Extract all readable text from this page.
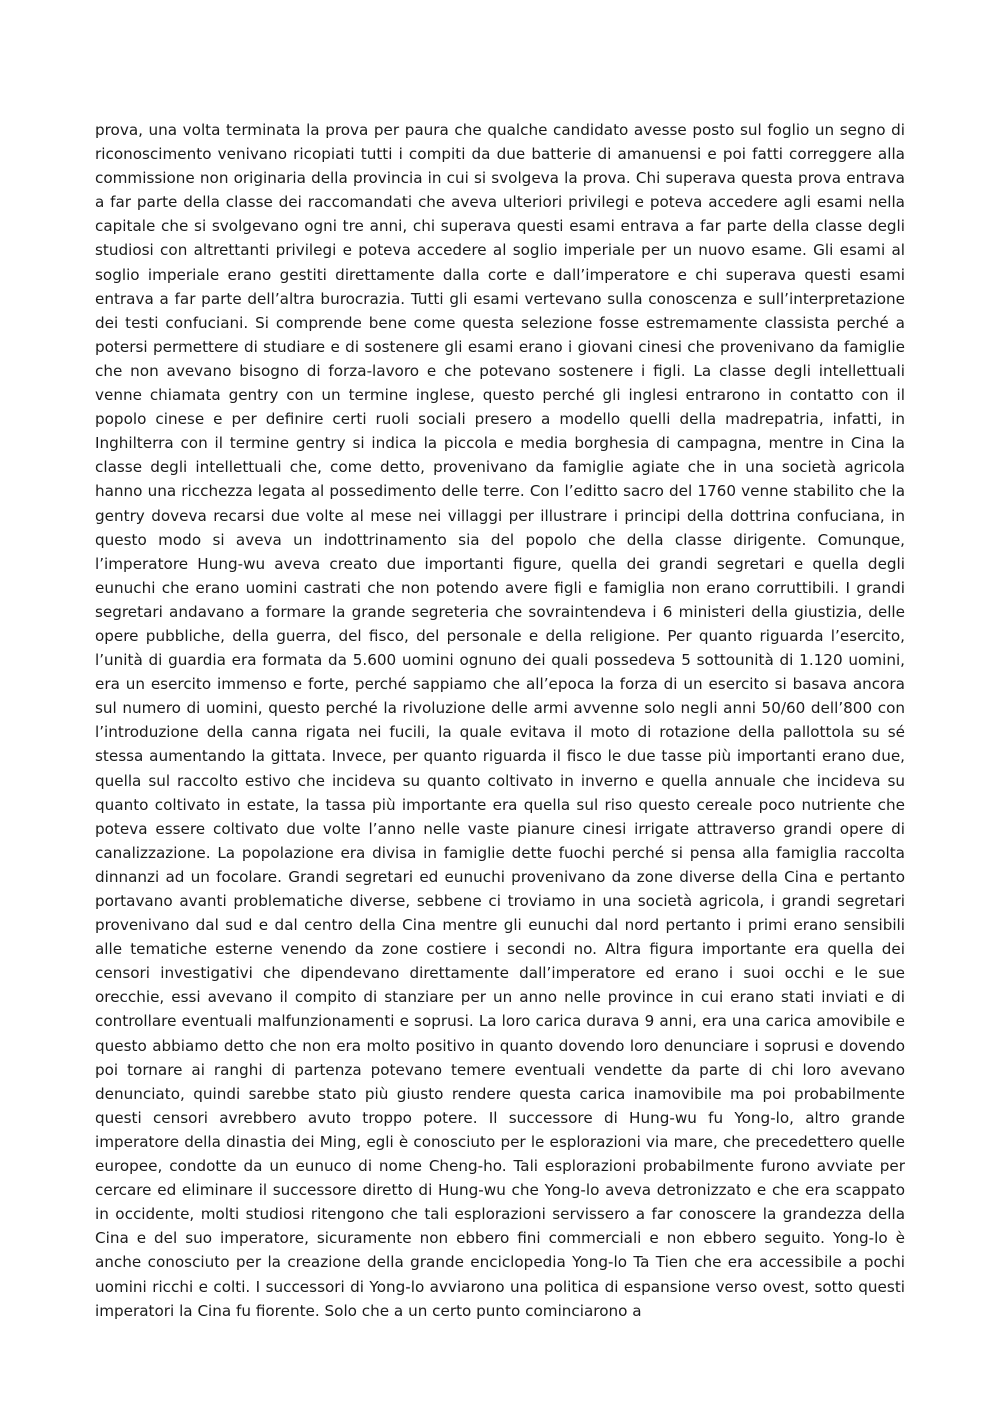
prova, una volta terminata la prova per paura che qualche candidato avesse posto sul foglio un segno di riconoscimento venivano ricopiati tutti i compiti da due batterie di amanuensi e poi fatti correggere alla commissione non originaria della provincia in cui si svolgeva la prova. Chi superava questa prova entrava a far parte della classe dei raccomandati che aveva ulteriori privilegi e poteva accedere agli esami nella capitale che si svolgevano ogni tre anni, chi superava questi esami entrava a far parte della classe degli studiosi con altrettanti privilegi e poteva accedere al soglio imperiale per un nuovo esame. Gli esami al soglio imperiale erano gestiti direttamente dalla corte e dall’imperatore e chi superava questi esami entrava a far parte dell’altra burocrazia. Tutti gli esami vertevano sulla conoscenza e sull’interpretazione dei testi confuciani. Si comprende bene come questa selezione fosse estremamente classista perché a potersi permettere di studiare e di sostenere gli esami erano i giovani cinesi che provenivano da famiglie che non avevano bisogno di forza-lavoro e che potevano sostenere i figli. La classe degli intellettuali venne chiamata gentry con un termine inglese, questo perché gli inglesi entrarono in contatto con il popolo cinese e per definire certi ruoli sociali presero a modello quelli della madrepatria, infatti, in Inghilterra con il termine gentry si indica la piccola e media borghesia di campagna, mentre in Cina la classe degli intellettuali che, come detto, provenivano da famiglie agiate che in una società agricola hanno una ricchezza legata al possedimento delle terre. Con l’editto sacro del 1760 venne stabilito che la gentry doveva recarsi due volte al mese nei villaggi per illustrare i principi della dottrina confuciana, in questo modo si aveva un indottrinamento sia del popolo che della classe dirigente. Comunque, l’imperatore Hung-wu aveva creato due importanti figure, quella dei grandi segretari e quella degli eunuchi che erano uomini castrati che non potendo avere figli e famiglia non erano corruttibili. I grandi segretari andavano a formare la grande segreteria che sovraintendeva i 6 ministeri della giustizia, delle opere pubbliche, della guerra, del fisco, del personale e della religione. Per quanto riguarda l’esercito, l’unità di guardia era formata da 5.600 uomini ognuno dei quali possedeva 5 sottounità di 1.120 uomini, era un esercito immenso e forte, perché sappiamo che all’epoca la forza di un esercito si basava ancora sul numero di uomini, questo perché la rivoluzione delle armi avvenne solo negli anni 50/60 dell’800 con l’introduzione della canna rigata nei fucili, la quale evitava il moto di rotazione della pallottola su sé stessa aumentando la gittata. Invece, per quanto riguarda il fisco le due tasse più importanti erano due, quella sul raccolto estivo che incideva su quanto coltivato in inverno e quella annuale che incideva su quanto coltivato in estate, la tassa più importante era quella sul riso questo cereale poco nutriente che poteva essere coltivato due volte l’anno nelle vaste pianure cinesi irrigate attraverso grandi opere di canalizzazione. La popolazione era divisa in famiglie dette fuochi perché si pensa alla famiglia raccolta dinnanzi ad un focolare. Grandi segretari ed eunuchi provenivano da zone diverse della Cina e pertanto portavano avanti problematiche diverse, sebbene ci troviamo in una società agricola, i grandi segretari provenivano dal sud e dal centro della Cina mentre gli eunuchi dal nord pertanto i primi erano sensibili alle tematiche esterne venendo da zone costiere i secondi no. Altra figura importante era quella dei censori investigativi che dipendevano direttamente dall’imperatore ed erano i suoi occhi e le sue orecchie, essi avevano il compito di stanziare per un anno nelle province in cui erano stati inviati e di controllare eventuali malfunzionamenti e soprusi. La loro carica durava 9 anni, era una carica amovibile e questo abbiamo detto che non era molto positivo in quanto dovendo loro denunciare i soprusi e dovendo poi tornare ai ranghi di partenza potevano temere eventuali vendette da parte di chi loro avevano denunciato, quindi sarebbe stato più giusto rendere questa carica inamovibile ma poi probabilmente questi censori avrebbero avuto troppo potere. Il successore di Hung-wu fu Yong-lo, altro grande imperatore della dinastia dei Ming, egli è conosciuto per le esplorazioni via mare, che precedettero quelle europee, condotte da un eunuco di nome Cheng-ho. Tali esplorazioni probabilmente furono avviate per cercare ed eliminare il successore diretto di Hung-wu che Yong-lo aveva detronizzato e che era scappato in occidente, molti studiosi ritengono che tali esplorazioni servissero a far conoscere la grandezza della Cina e del suo imperatore, sicuramente non ebbero fini commerciali e non ebbero seguito. Yong-lo è anche conosciuto per la creazione della grande enciclopedia Yong-lo Ta Tien che era accessibile a pochi uomini ricchi e colti. I successori di Yong-lo avviarono una politica di espansione verso ovest, sotto questi imperatori la Cina fu fiorente. Solo che a un certo punto cominciarono a
